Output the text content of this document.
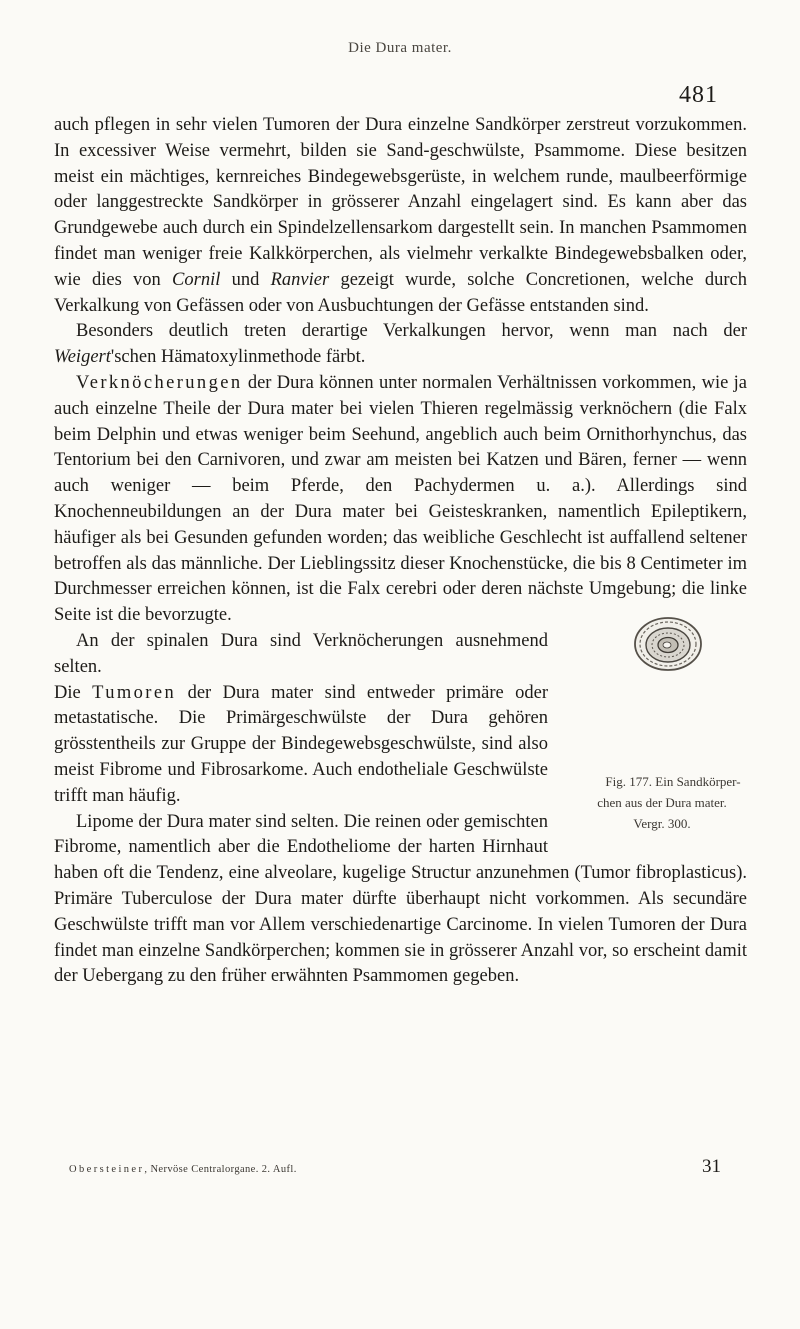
Die Dura mater.
481

auch pflegen in sehr vielen Tumoren der Dura einzelne Sandkörper zerstreut vorzukommen. In excessiver Weise vermehrt, bilden sie Sand-geschwülste, Psammome. Diese besitzen meist ein mächtiges, kernreiches Bindegewebsgerüste, in welchem runde, maulbeerförmige oder langgestreckte Sandkörper in grösserer Anzahl eingelagert sind. Es kann aber das Grundgewebe auch durch ein Spindelzellensarkom dargestellt sein. In manchen Psammomen findet man weniger freie Kalkkörperchen, als vielmehr verkalkte Bindegewebsbalken oder, wie dies von Cornil und Ranvier gezeigt wurde, solche Concretionen, welche durch Verkalkung von Gefässen oder von Ausbuchtungen der Gefässe entstanden sind.

Besonders deutlich treten derartige Verkalkungen hervor, wenn man nach der Weigert'schen Hämatoxylinmethode färbt.

Verknöcherungen der Dura können unter normalen Verhältnissen vorkommen, wie ja auch einzelne Theile der Dura mater bei vielen Thieren regelmässig verknöchern (die Falx beim Delphin und etwas weniger beim Seehund, angeblich auch beim Ornithorhynchus, das Tentorium bei den Carnivoren, und zwar am meisten bei Katzen und Bären, ferner — wenn auch weniger — beim Pferde, den Pachydermen u. a.). Allerdings sind Knochenneubildungen an der Dura mater bei Geisteskranken, namentlich Epileptikern, häufiger als bei Gesunden gefunden worden; das weibliche Geschlecht ist auffallend seltener betroffen als das männliche. Der Lieblingssitz dieser Knochenstücke, die bis 8 Centimeter im Durchmesser erreichen können, ist die Falx cerebri oder deren nächste Umgebung; die linke Seite ist die bevorzugte.
Fig. 177. Ein Sandkörper-
chen aus der Dura mater.
Vergr. 300.

An der spinalen Dura sind Verknöcherungen ausnehmend selten.

Die Tumoren der Dura mater sind entweder primäre oder metastatische. Die Primärgeschwülste der Dura gehören grösstentheils zur Gruppe der Bindegewebsgeschwülste, sind also meist Fibrome und Fibrosarkome. Auch endotheliale Geschwülste trifft man häufig.

Lipome der Dura mater sind selten. Die reinen oder gemischten Fibrome, namentlich aber die Endotheliome der harten Hirnhaut haben oft die Tendenz, eine alveolare, kugelige Structur anzunehmen (Tumor fibroplasticus). Primäre Tuberculose der Dura mater dürfte überhaupt nicht vorkommen. Als secundäre Geschwülste trifft man vor Allem verschiedenartige Carcinome. In vielen Tumoren der Dura findet man einzelne Sandkörperchen; kommen sie in grösserer Anzahl vor, so erscheint damit der Uebergang zu den früher erwähnten Psammomen gegeben.

Obersteiner, Nervöse Centralorgane. 2. Aufl.	31
